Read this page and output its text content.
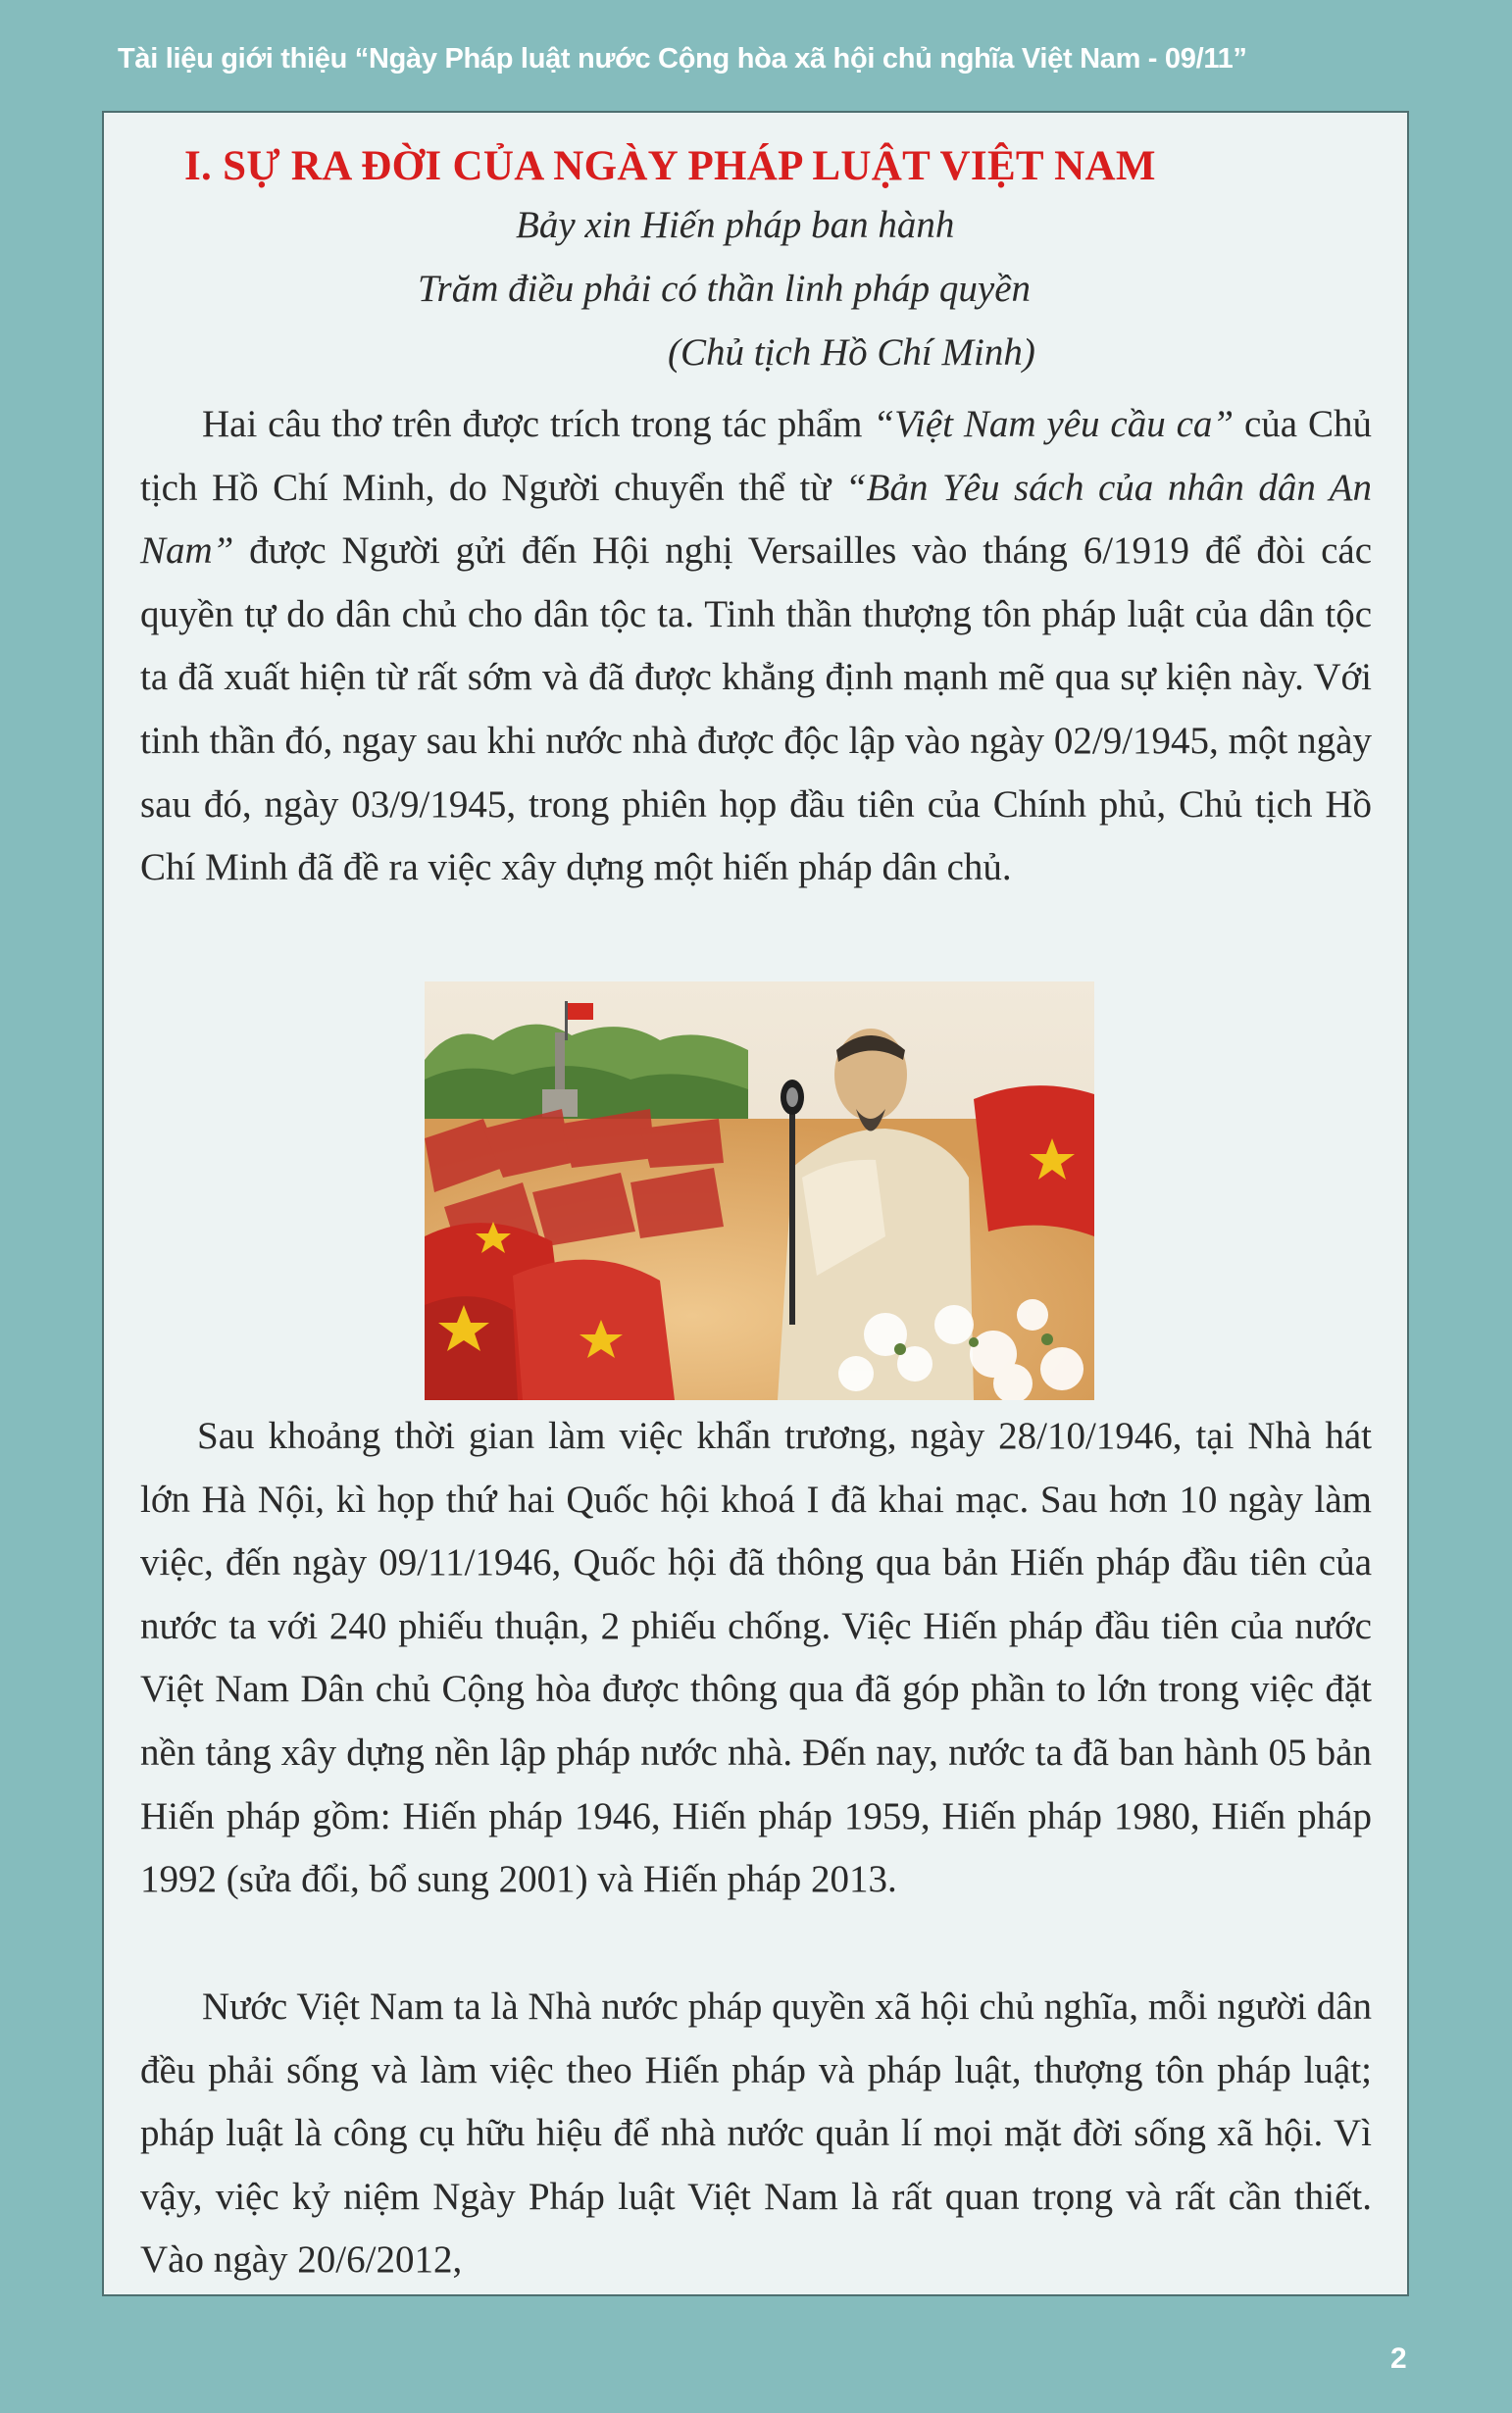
Tài liệu giới thiệu “Ngày Pháp luật nước Cộng hòa xã hội chủ nghĩa Việt Nam - 09/11”
I. SỰ RA ĐỜI CỦA NGÀY PHÁP LUẬT VIỆT NAM
Bảy xin Hiến pháp ban hành
Trăm điều phải có thần linh pháp quyền
(Chủ tịch Hồ Chí Minh)

Hai câu thơ trên được trích trong tác phẩm “Việt Nam yêu cầu ca” của Chủ tịch Hồ Chí Minh, do Người chuyển thể từ “Bản Yêu sách của nhân dân An Nam” được Người gửi đến Hội nghị Versailles vào tháng 6/1919 để đòi các quyền tự do dân chủ cho dân tộc ta. Tinh thần thượng tôn pháp luật của dân tộc ta đã xuất hiện từ rất sớm và đã được khẳng định mạnh mẽ qua sự kiện này. Với tinh thần đó, ngay sau khi nước nhà được độc lập vào ngày 02/9/1945, một ngày sau đó, ngày 03/9/1945, trong phiên họp đầu tiên của Chính phủ, Chủ tịch Hồ Chí Minh đã đề ra việc xây dựng một hiến pháp dân chủ.

Sau khoảng thời gian làm việc khẩn trương, ngày 28/10/1946, tại Nhà hát lớn Hà Nội, kì họp thứ hai Quốc hội khoá I đã khai mạc. Sau hơn 10 ngày làm việc, đến ngày 09/11/1946, Quốc hội đã thông qua bản Hiến pháp đầu tiên của nước ta với 240 phiếu thuận, 2 phiếu chống. Việc Hiến pháp đầu tiên của nước Việt Nam Dân chủ Cộng hòa được thông qua đã góp phần to lớn trong việc đặt nền tảng xây dựng nền lập pháp nước nhà. Đến nay, nước ta đã ban hành 05 bản Hiến pháp gồm: Hiến pháp 1946, Hiến pháp 1959, Hiến pháp 1980, Hiến pháp 1992 (sửa đổi, bổ sung 2001) và Hiến pháp 2013.

Nước Việt Nam ta là Nhà nước pháp quyền xã hội chủ nghĩa, mỗi người dân đều phải sống và làm việc theo Hiến pháp và pháp luật, thượng tôn pháp luật; pháp luật là công cụ hữu hiệu để nhà nước quản lí mọi mặt đời sống xã hội. Vì vậy, việc kỷ niệm Ngày Pháp luật Việt Nam là rất quan trọng và rất cần thiết. Vào ngày 20/6/2012,

2
